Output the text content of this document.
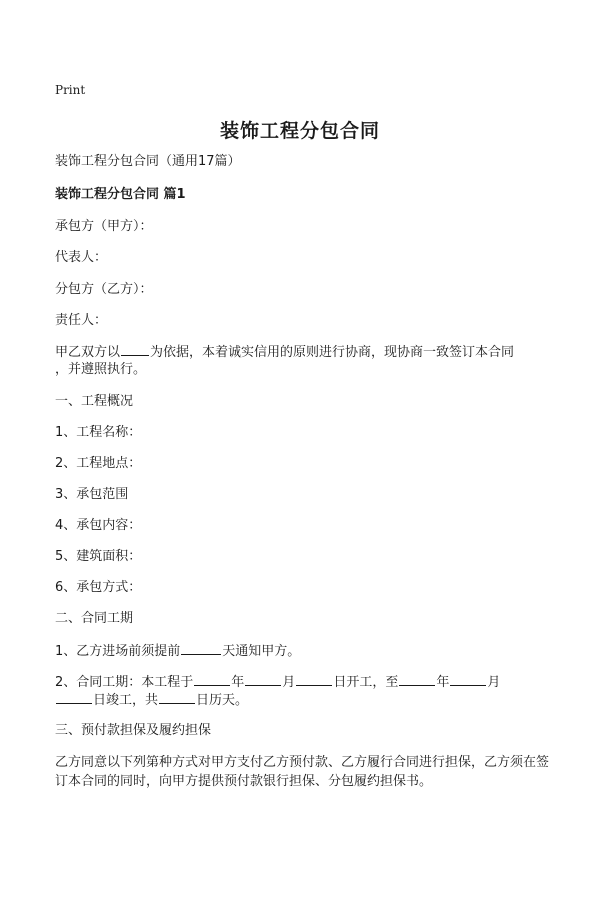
Print
装饰工程分包合同
装饰工程分包合同（通用17篇）
装饰工程分包合同 篇1
承包方（甲方）：
代表人：
分包方（乙方）：
责任人：
甲乙双方以 为依据，本着诚实信用的原则进行协商，现协商一致签订本合同
，并遵照执行。
一、工程概况
1、工程名称：
2、工程地点：
3、承包范围
4、承包内容：
5、建筑面积：
6、承包方式：
二、合同工期
1、乙方进场前须提前	天通知甲方。
2、合同工期：本工程于	年	月	日开工，至	年	月
日竣工，共	日历天。
三、预付款担保及履约担保
乙方同意以下列第种方式对甲方支付乙方预付款、乙方履行合同进行担保，乙方须在签订本合同的同时，向甲方提供预付款银行担保、分包履约担保书。
